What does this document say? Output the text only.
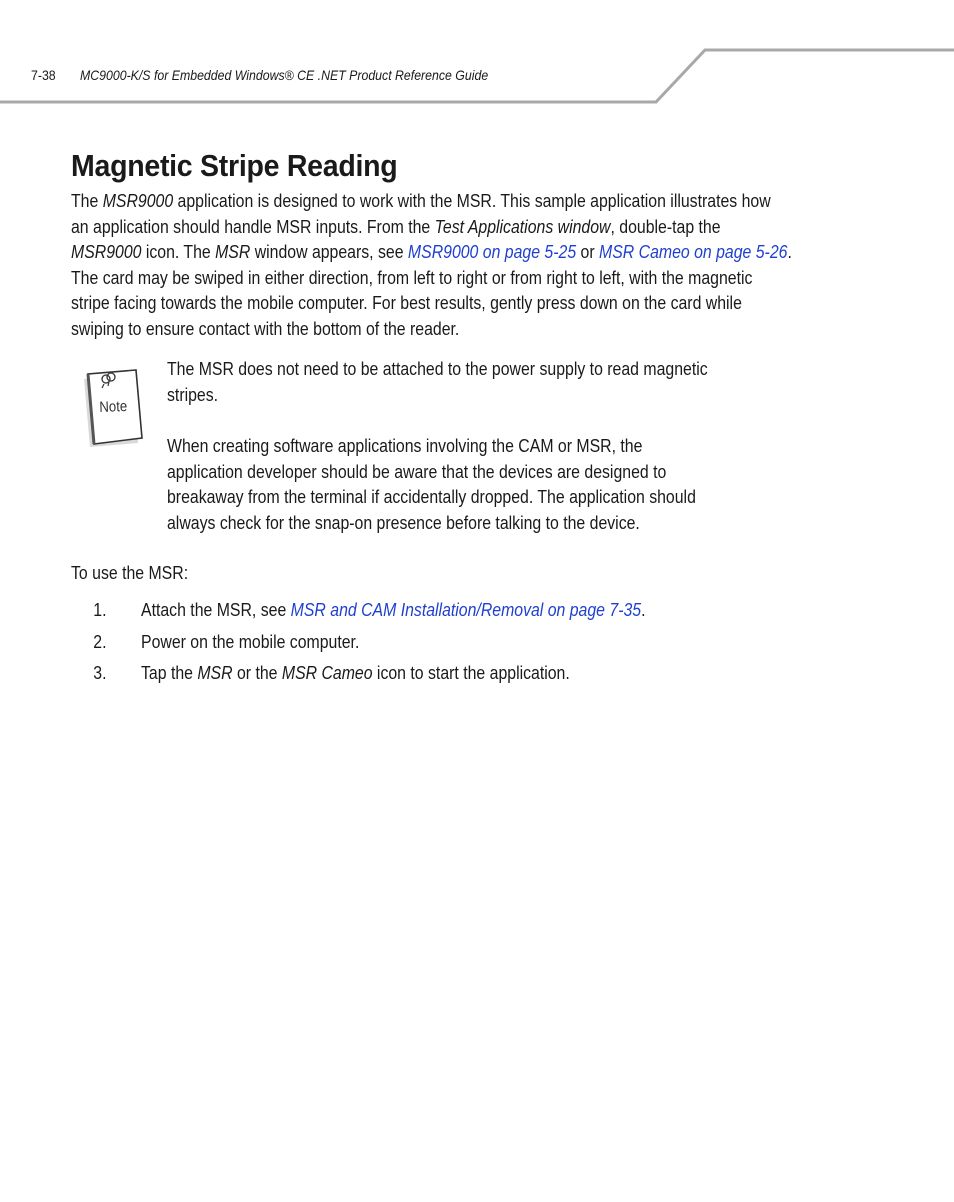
7-38 MC9000-K/S for Embedded Windows® CE .NET Product Reference Guide
Magnetic Stripe Reading

The MSR9000 application is designed to work with the MSR. This sample application illustrates how

an application should handle MSR inputs. From the Test Applications window, double-tap the

MSR9000 icon. The MSR window appears, see MSR9000 on page 5-25 or MSR Cameo on page 5-26.

The card may be swiped in either direction, from left to right or from right to left, with the magnetic

stripe facing towards the mobile computer. For best results, gently press down on the card while

swiping to ensure contact with the bottom of the reader.

Note

The MSR does not need to be attached to the power supply to read magnetic

stripes.

When creating software applications involving the CAM or MSR, the

application developer should be aware that the devices are designed to

breakaway from the terminal if accidentally dropped. The application should

always check for the snap-on presence before talking to the device.

To use the MSR:

1. Attach the MSR, see MSR and CAM Installation/Removal on page 7-35.
2. Power on the mobile computer.
3. Tap the MSR or the MSR Cameo icon to start the application.
